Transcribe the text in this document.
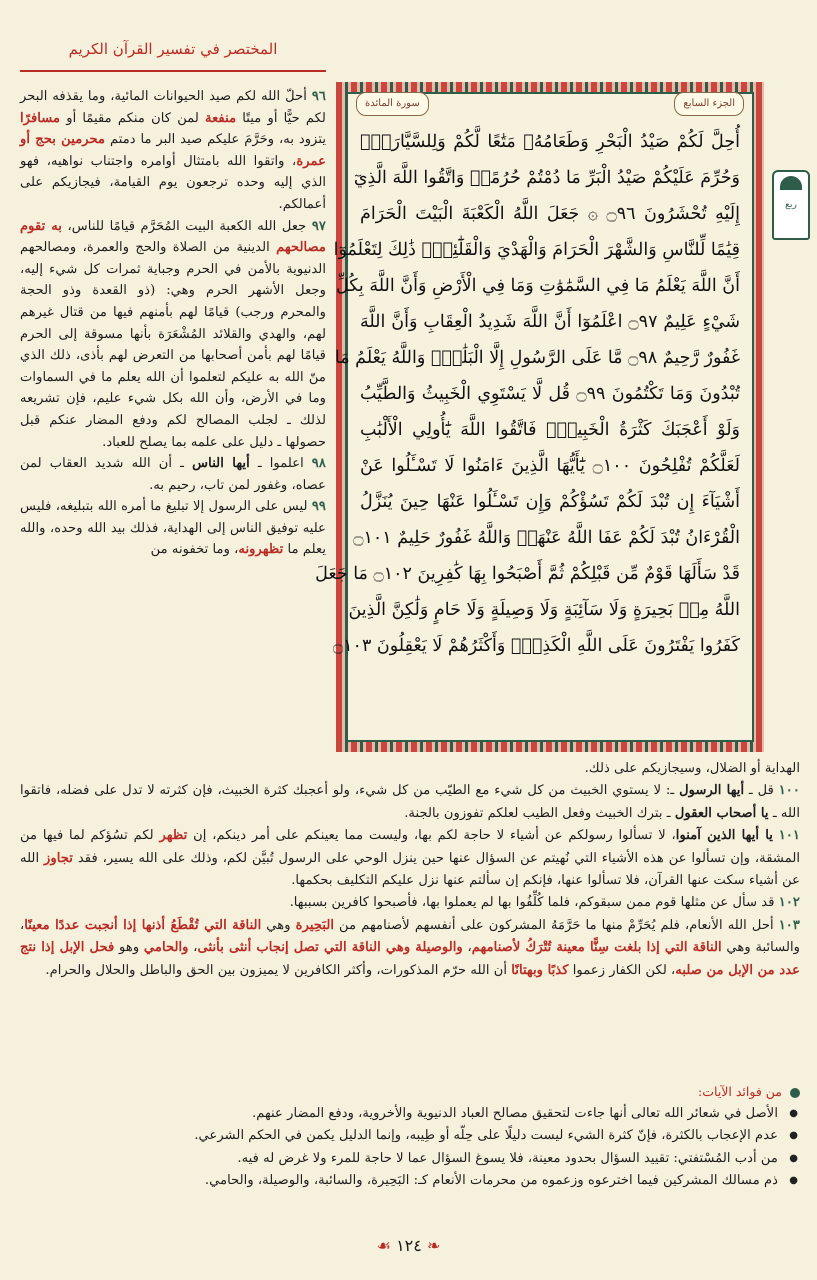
المختصر في تفسير القرآن الكريم
ربع
الجزء السابع
سورة المائدة
أُحِلَّ لَكُمْ صَيْدُ الْبَحْرِ وَطَعَامُهُۥ مَتَٰعًا لَّكُمْ وَلِلسَّيَّارَةِۖ
وَحُرِّمَ عَلَيْكُمْ صَيْدُ الْبَرِّ مَا دُمْتُمْ حُرُمًاۗ وَاتَّقُوا اللَّهَ الَّذِيٓ
إِلَيْهِ تُحْشَرُونَ ۝٩٦ ۞ جَعَلَ اللَّهُ الْكَعْبَةَ الْبَيْتَ الْحَرَامَ
قِيَٰمًا لِّلنَّاسِ وَالشَّهْرَ الْحَرَامَ وَالْهَدْيَ وَالْقَلَٰٓئِدَۚ ذَٰلِكَ لِتَعْلَمُوٓا
أَنَّ اللَّهَ يَعْلَمُ مَا فِي السَّمَٰوَٰتِ وَمَا فِي الْأَرْضِ وَأَنَّ اللَّهَ بِكُلِّ
شَيْءٍ عَلِيمٌ ۝٩٧ اعْلَمُوٓا أَنَّ اللَّهَ شَدِيدُ الْعِقَابِ وَأَنَّ اللَّهَ
غَفُورٌ رَّحِيمٌ ۝٩٨ مَّا عَلَى الرَّسُولِ إِلَّا الْبَلَٰغُۗ وَاللَّهُ يَعْلَمُ مَا
تُبْدُونَ وَمَا تَكْتُمُونَ ۝٩٩ قُل لَّا يَسْتَوِي الْخَبِيثُ وَالطَّيِّبُ
وَلَوْ أَعْجَبَكَ كَثْرَةُ الْخَبِيثِۚ فَاتَّقُوا اللَّهَ يَٰٓأُولِي الْأَلْبَٰبِ
لَعَلَّكُمْ تُفْلِحُونَ ۝١٠٠ يَٰٓأَيُّهَا الَّذِينَ ءَامَنُوا لَا تَسْـَٔلُوا عَنْ
أَشْيَآءَ إِن تُبْدَ لَكُمْ تَسُؤْكُمْ وَإِن تَسْـَٔلُوا عَنْهَا حِينَ يُنَزَّلُ
الْقُرْءَانُ تُبْدَ لَكُمْ عَفَا اللَّهُ عَنْهَاۗ وَاللَّهُ غَفُورٌ حَلِيمٌ ۝١٠١
قَدْ سَأَلَهَا قَوْمٌ مِّن قَبْلِكُمْ ثُمَّ أَصْبَحُوا بِهَا كَٰفِرِينَ ۝١٠٢ مَا جَعَلَ
اللَّهُ مِنۢ بَحِيرَةٍ وَلَا سَآئِبَةٍ وَلَا وَصِيلَةٍ وَلَا حَامٍ وَلَٰكِنَّ الَّذِينَ
كَفَرُوا يَفْتَرُونَ عَلَى اللَّهِ الْكَذِبَۖ وَأَكْثَرُهُمْ لَا يَعْقِلُونَ ۝١٠٣

٩٦ أحلّ الله لكم صيد الحيوانات المائية، وما يقذفه البحر لكم حيًّا أو ميتًا منفعة لمن كان منكم مقيمًا أو مسافرًا يتزود به، وحَرَّمَ عليكم صيد البر ما دمتم محرمين بحج أو عمرة، واتقوا الله بامتثال أوامره واجتناب نواهيه، فهو الذي إليه وحده ترجعون يوم القيامة، فيجازيكم على أعمالكم.

٩٧ جعل الله الكعبة البيت المُحَرَّم قيامًا للناس، به تقوم مصالحهم الدينية من الصلاة والحج والعمرة، ومصالحهم الدنيوية بالأمن في الحرم وجباية ثمرات كل شيء إليه، وجعل الأشهر الحرم وهي: (ذو القعدة وذو الحجة والمحرم ورجب) قيامًا لهم بأمنهم فيها من قتال غيرهم لهم، والهدي والقلائد المُشْعَرَة بأنها مسوقة إلى الحرم قيامًا لهم بأمن أصحابها من التعرض لهم بأذى، ذلك الذي منّ الله به عليكم لتعلموا أن الله يعلم ما في السماوات وما في الأرض، وأن الله بكل شيء عليم، فإن تشريعه لذلك ـ لجلب المصالح لكم ودفع المضار عنكم قبل حصولها ـ دليل على علمه بما يصلح للعباد.

٩٨ اعلموا ـ أيها الناس ـ أن الله شديد العقاب لمن عصاه، وغفور لمن تاب، رحيم به.

٩٩ ليس على الرسول إلا تبليغ ما أمره الله بتبليغه، فليس عليه توفيق الناس إلى الهداية، فذلك بيد الله وحده، والله يعلم ما تظهرونه، وما تخفونه من

الهداية أو الضلال، وسيجازيكم على ذلك.

١٠٠ قل ـ أيها الرسول ـ: لا يستوي الخبيث من كل شيء مع الطيّب من كل شيء، ولو أعجبك كثرة الخبيث، فإن كثرته لا تدل على فضله، فاتقوا الله ـ يا أصحاب العقول ـ بترك الخبيث وفعل الطيب لعلكم تفوزون بالجنة.

١٠١ يا أيها الذين آمنوا، لا تسألوا رسولكم عن أشياء لا حاجة لكم بها، وليست مما يعينكم على أمر دينكم، إن تظهر لكم تسُؤكم لما فيها من المشقة، وإن تسألوا عن هذه الأشياء التي نُهيتم عن السؤال عنها حين ينزل الوحي على الرسول تُبيَّن لكم، وذلك على الله يسير، فقد تجاوز الله عن أشياء سكت عنها القرآن، فلا تسألوا عنها، فإنكم إن سألتم عنها نزل عليكم التكليف بحكمها.

١٠٢ قد سأل عن مثلها قوم ممن سبقوكم، فلما كُلِّفُوا بها لم يعملوا بها، فأصبحوا كافرين بسببها.

١٠٣ أحل الله الأنعام، فلم يُحَرِّمْ منها ما حَرَّمَهُ المشركون على أنفسهم لأصنامهم من البَحِيرة وهي الناقة التي تُقْطَعُ أذنها إذا أنجبت عددًا معينًا، والسائبة وهي الناقة التي إذا بلغت سِنًّا معينة تُتْرَكُ لأصنامهم، والوصيلة وهي الناقة التي تصل إنجاب أنثى بأنثى، والحامي وهو فحل الإبل إذا نتج عدد من الإبل من صلبه، لكن الكفار زعموا كذبًا وبهتانًا أن الله حرّم المذكورات، وأكثر الكافرين لا يميزون بين الحق والباطل والحلال والحرام.

من فوائد الآيات:
● الأصل في شعائر الله تعالى أنها جاءت لتحقيق مصالح العباد الدنيوية والأخروية، ودفع المضار عنهم.
● عدم الإعجاب بالكثرة، فإنّ كثرة الشيء ليست دليلًا على حِلّه أو طِيبه، وإنما الدليل يكمن في الحكم الشرعي.
● من أدب المُسْتفتي: تقييد السؤال بحدود معينة، فلا يسوغ السؤال عما لا حاجة للمرء ولا غرض له فيه.
● ذم مسالك المشركين فيما اخترعوه وزعموه من محرمات الأنعام كـ: البَحِيرة، والسائبة، والوصيلة، والحامي.
❧ ١٢٤ ☙
